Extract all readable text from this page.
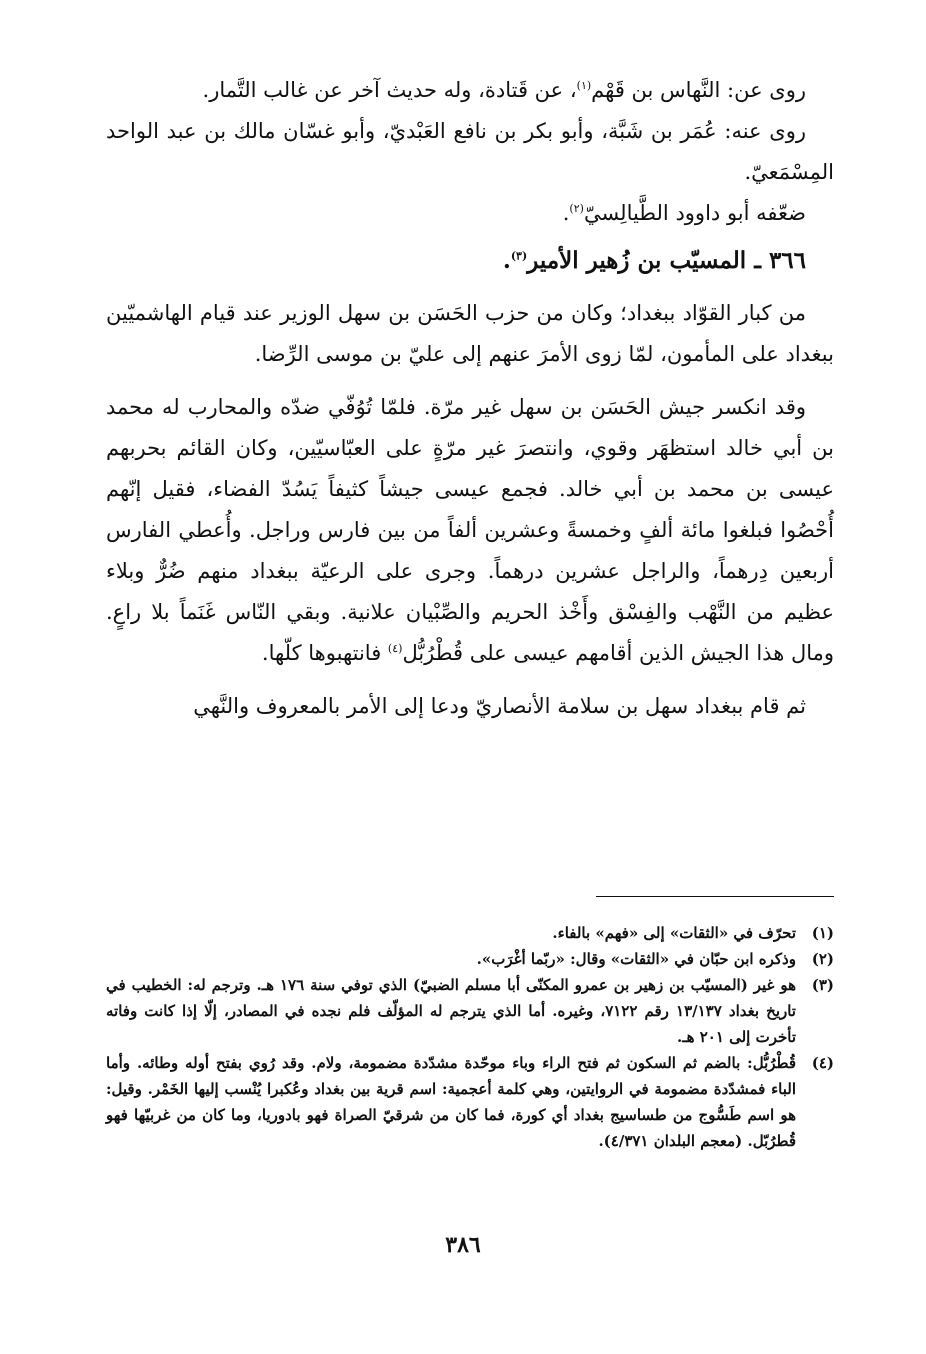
روى عن: النَّهاس بن قَهْم$^{(١)}$، عن قَتادة، وله حديث آخر عن غالب التَّمار.

روى عنه: عُمَر بن شَبَّة، وأبو بكر بن نافع العَبْديّ، وأبو غسّان مالك بن عبد الواحد المِسْمَعيّ.

ضعّفه أبو داوود الطَّيالِسيّ$^{(٢)}$.

٣٦٦ ـ المسيّب بن زُهير الأمير$^{(٣)}$.

من كبار القوّاد ببغداد؛ وكان من حزب الحَسَن بن سهل الوزير عند قيام الهاشميّين ببغداد على المأمون، لمّا زوى الأمرَ عنهم إلى عليّ بن موسى الرِّضا.

وقد انكسر جيش الحَسَن بن سهل غير مرّة. فلمّا تُوُفّي ضدّه والمحارب له محمد بن أبي خالد استظهَر وقوي، وانتصرَ غير مرّةٍ على العبّاسيّين، وكان القائم بحربهم عيسى بن محمد بن أبي خالد. فجمع عيسى جيشاً كثيفاً يَسُدّ الفضاء، فقيل إنّهم أُحْصُوا فبلغوا مائة ألفٍ وخمسةً وعشرين ألفاً من بين فارس وراجل. وأُعطي الفارس أربعين دِرهماً، والراجل عشرين درهماً. وجرى على الرعيّة ببغداد منهم ضُرٌّ وبلاء عظيم من النَّهْب والفِسْق وأَخْذ الحريم والصِّبْيان علانية. وبقي النّاس غَنَماً بلا راعٍ. ومال هذا الجيش الذين أقامهم عيسى على قُطْرُبُّل$^{(٤)}$ فانتهبوها كلّها.

ثم قام ببغداد سهل بن سلامة الأنصاريّ ودعا إلى الأمر بالمعروف والنَّهي

(١)
تحرّف في «الثقات» إلى «فهم» بالفاء.
(٢)
وذكره ابن حبّان في «الثقات» وقال: «ربّما أغْرَب».
(٣)
هو غير (المسيّب بن زهير بن عمرو المكنّى أبا مسلم الضبيّ) الذي توفي سنة ١٧٦ هـ. وترجم له: الخطيب في تاريخ بغداد ١٣/١٣٧ رقم ٧١٢٢، وغيره. أما الذي يترجم له المؤلّف فلم نجده في المصادر، إلّا إذا كانت وفاته تأخرت إلى ٢٠١ هـ.
(٤)
قُطْرُبُّل: بالضم ثم السكون ثم فتح الراء وباء موحّدة مشدّدة مضمومة، ولام. وقد رُوي بفتح أوله وطائه. وأما الباء فمشدّدة مضمومة في الروايتين، وهي كلمة أعجمية: اسم قرية بين بغداد وعُكبرا يُنْسب إليها الخَمْر. وقيل: هو اسم طَسُّوج من طساسيج بغداد أي كورة، فما كان من شرقيّ الصراة فهو بادوريا، وما كان من غربيّها فهو قُطرُبّل. (معجم البلدان ٤/٣٧١).
٣٨٦
